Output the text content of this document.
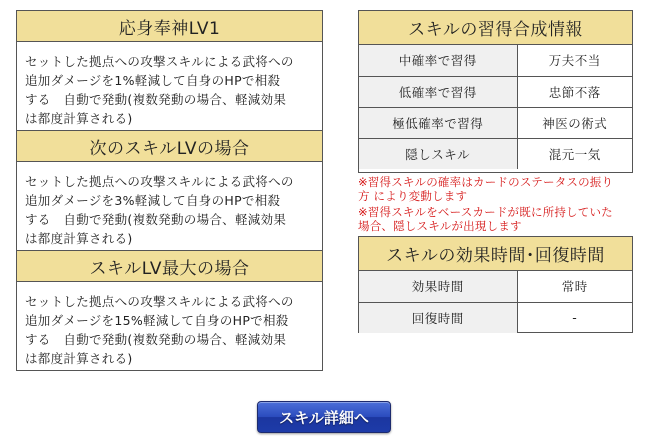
応身奉神LV1
セットした拠点への攻撃スキルによる武将への
追加ダメージを1%軽減して自身のHPで相殺
する　自動で発動(複数発動の場合、軽減効果
は都度計算される)
次のスキルLVの場合
セットした拠点への攻撃スキルによる武将への
追加ダメージを3%軽減して自身のHPで相殺
する　自動で発動(複数発動の場合、軽減効果
は都度計算される)
スキルLV最大の場合
セットした拠点への攻撃スキルによる武将への
追加ダメージを15%軽減して自身のHPで相殺
する　自動で発動(複数発動の場合、軽減効果
は都度計算される)
スキルの習得合成情報
中確率で習得	万夫不当
低確率で習得	忠節不落
極低確率で習得	神医の術式
隠しスキル	混元一気
※習得スキルの確率はカードのステータスの振り
方 により変動します
※習得スキルをベースカードが既に所持していた
場合、隠しスキルが出現します
スキルの効果時間･回復時間
効果時間	常時
回復時間	-
スキル詳細へ
